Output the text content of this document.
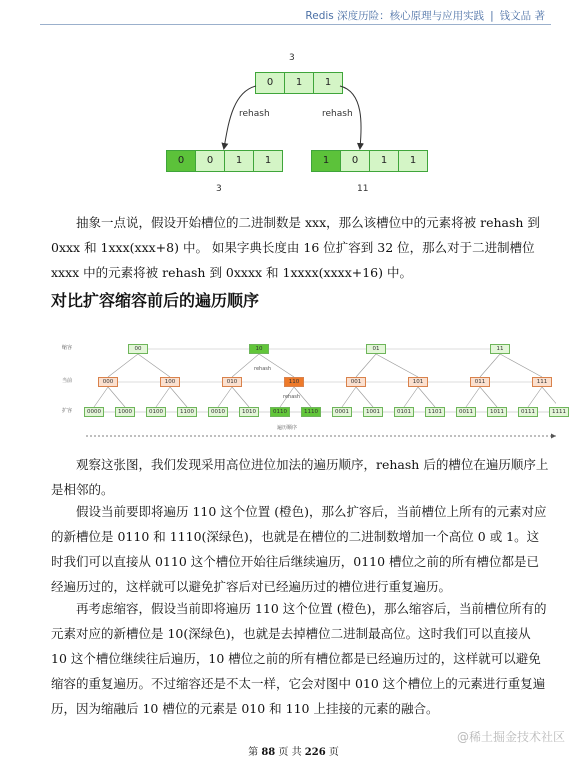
Redis 深度历险：核心原理与应用实践 | 钱文品 著
3
0	1	1
rehash	rehash
0	0	1	1	1	0	1	1
3	11

抽象一点说，假设开始槽位的二进制数是 xxx，那么该槽位中的元素将被 rehash 到 0xxx 和 1xxx(xxx+8) 中。 如果字典长度由 16 位扩容到 32 位，那么对于二进制槽位 xxxx 中的元素将被 rehash 到 0xxxx 和 1xxxx(xxxx+16) 中。

对比扩容缩容前后的遍历顺序
缩容
当前
扩容
00	10	01	11
000	100	010	110	001	101	011	111
0000	1000	0100	1100	0010	1010	0110	1110	0001	1001	0101	1101	0011	1011	0111	1111
rehash
rehash
遍历顺序

观察这张图，我们发现采用高位进位加法的遍历顺序，rehash 后的槽位在遍历顺序上是相邻的。

假设当前要即将遍历 110 这个位置 (橙色)，那么扩容后，当前槽位上所有的元素对应的新槽位是 0110 和 1110(深绿色)，也就是在槽位的二进制数增加一个高位 0 或 1。这时我们可以直接从 0110 这个槽位开始往后继续遍历，0110 槽位之前的所有槽位都是已经遍历过的，这样就可以避免扩容后对已经遍历过的槽位进行重复遍历。

再考虑缩容，假设当前即将遍历 110 这个位置 (橙色)，那么缩容后，当前槽位所有的元素对应的新槽位是 10(深绿色)，也就是去掉槽位二进制最高位。这时我们可以直接从 10 这个槽位继续往后遍历，10 槽位之前的所有槽位都是已经遍历过的，这样就可以避免缩容的重复遍历。不过缩容还是不太一样，它会对图中 010 这个槽位上的元素进行重复遍历，因为缩融后 10 槽位的元素是 010 和 110 上挂接的元素的融合。

@稀土掘金技术社区
第 88 页 共 226 页
